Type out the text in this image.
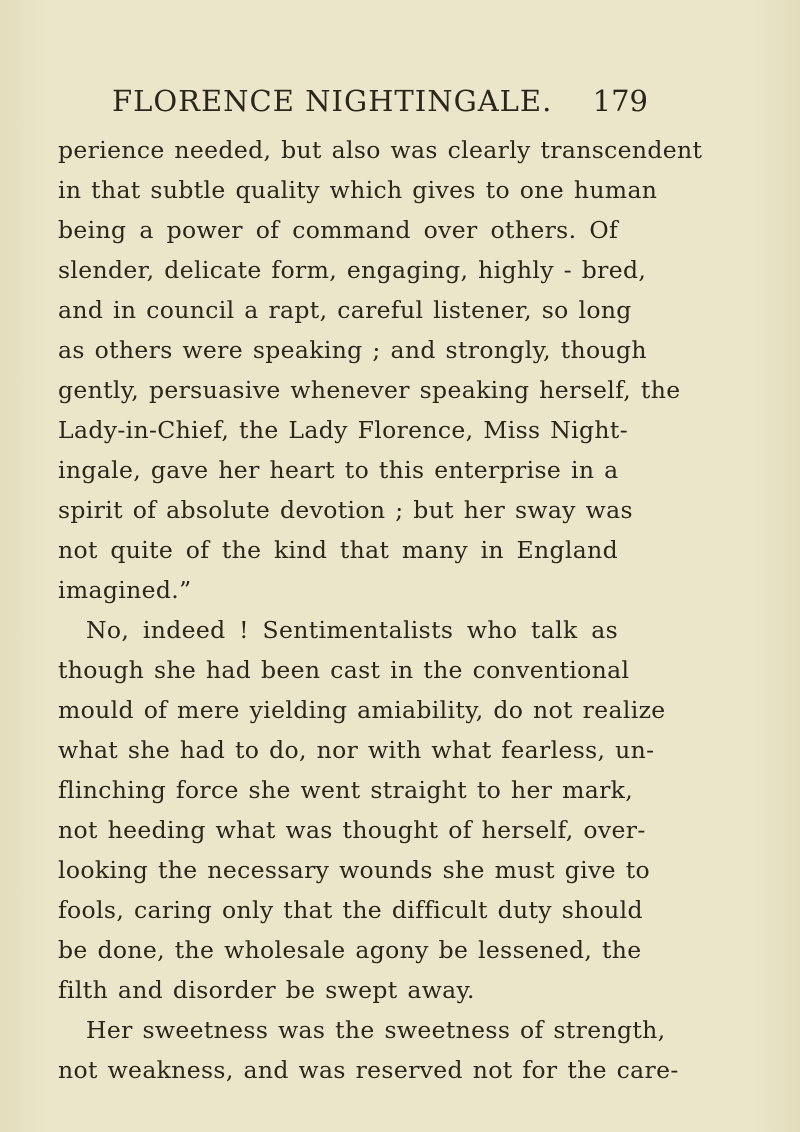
FLORENCE NIGHTINGALE. 179
perience needed, but also was clearly transcendent
in that subtle quality which gives to one human
being a power of command over others. Of
slender, delicate form, engaging, highly - bred,
and in council a rapt, careful listener, so long
as others were speaking ; and strongly, though
gently, persuasive whenever speaking herself, the
Lady-in-Chief, the Lady Florence, Miss Night-
ingale, gave her heart to this enterprise in a
spirit of absolute devotion ; but her sway was
not quite of the kind that many in England
imagined.”
No, indeed ! Sentimentalists who talk as
though she had been cast in the conventional
mould of mere yielding amiability, do not realize
what she had to do, nor with what fearless, un-
flinching force she went straight to her mark,
not heeding what was thought of herself, over-
looking the necessary wounds she must give to
fools, caring only that the difficult duty should
be done, the wholesale agony be lessened, the
filth and disorder be swept away.
Her sweetness was the sweetness of strength,
not weakness, and was reserved not for the care-
